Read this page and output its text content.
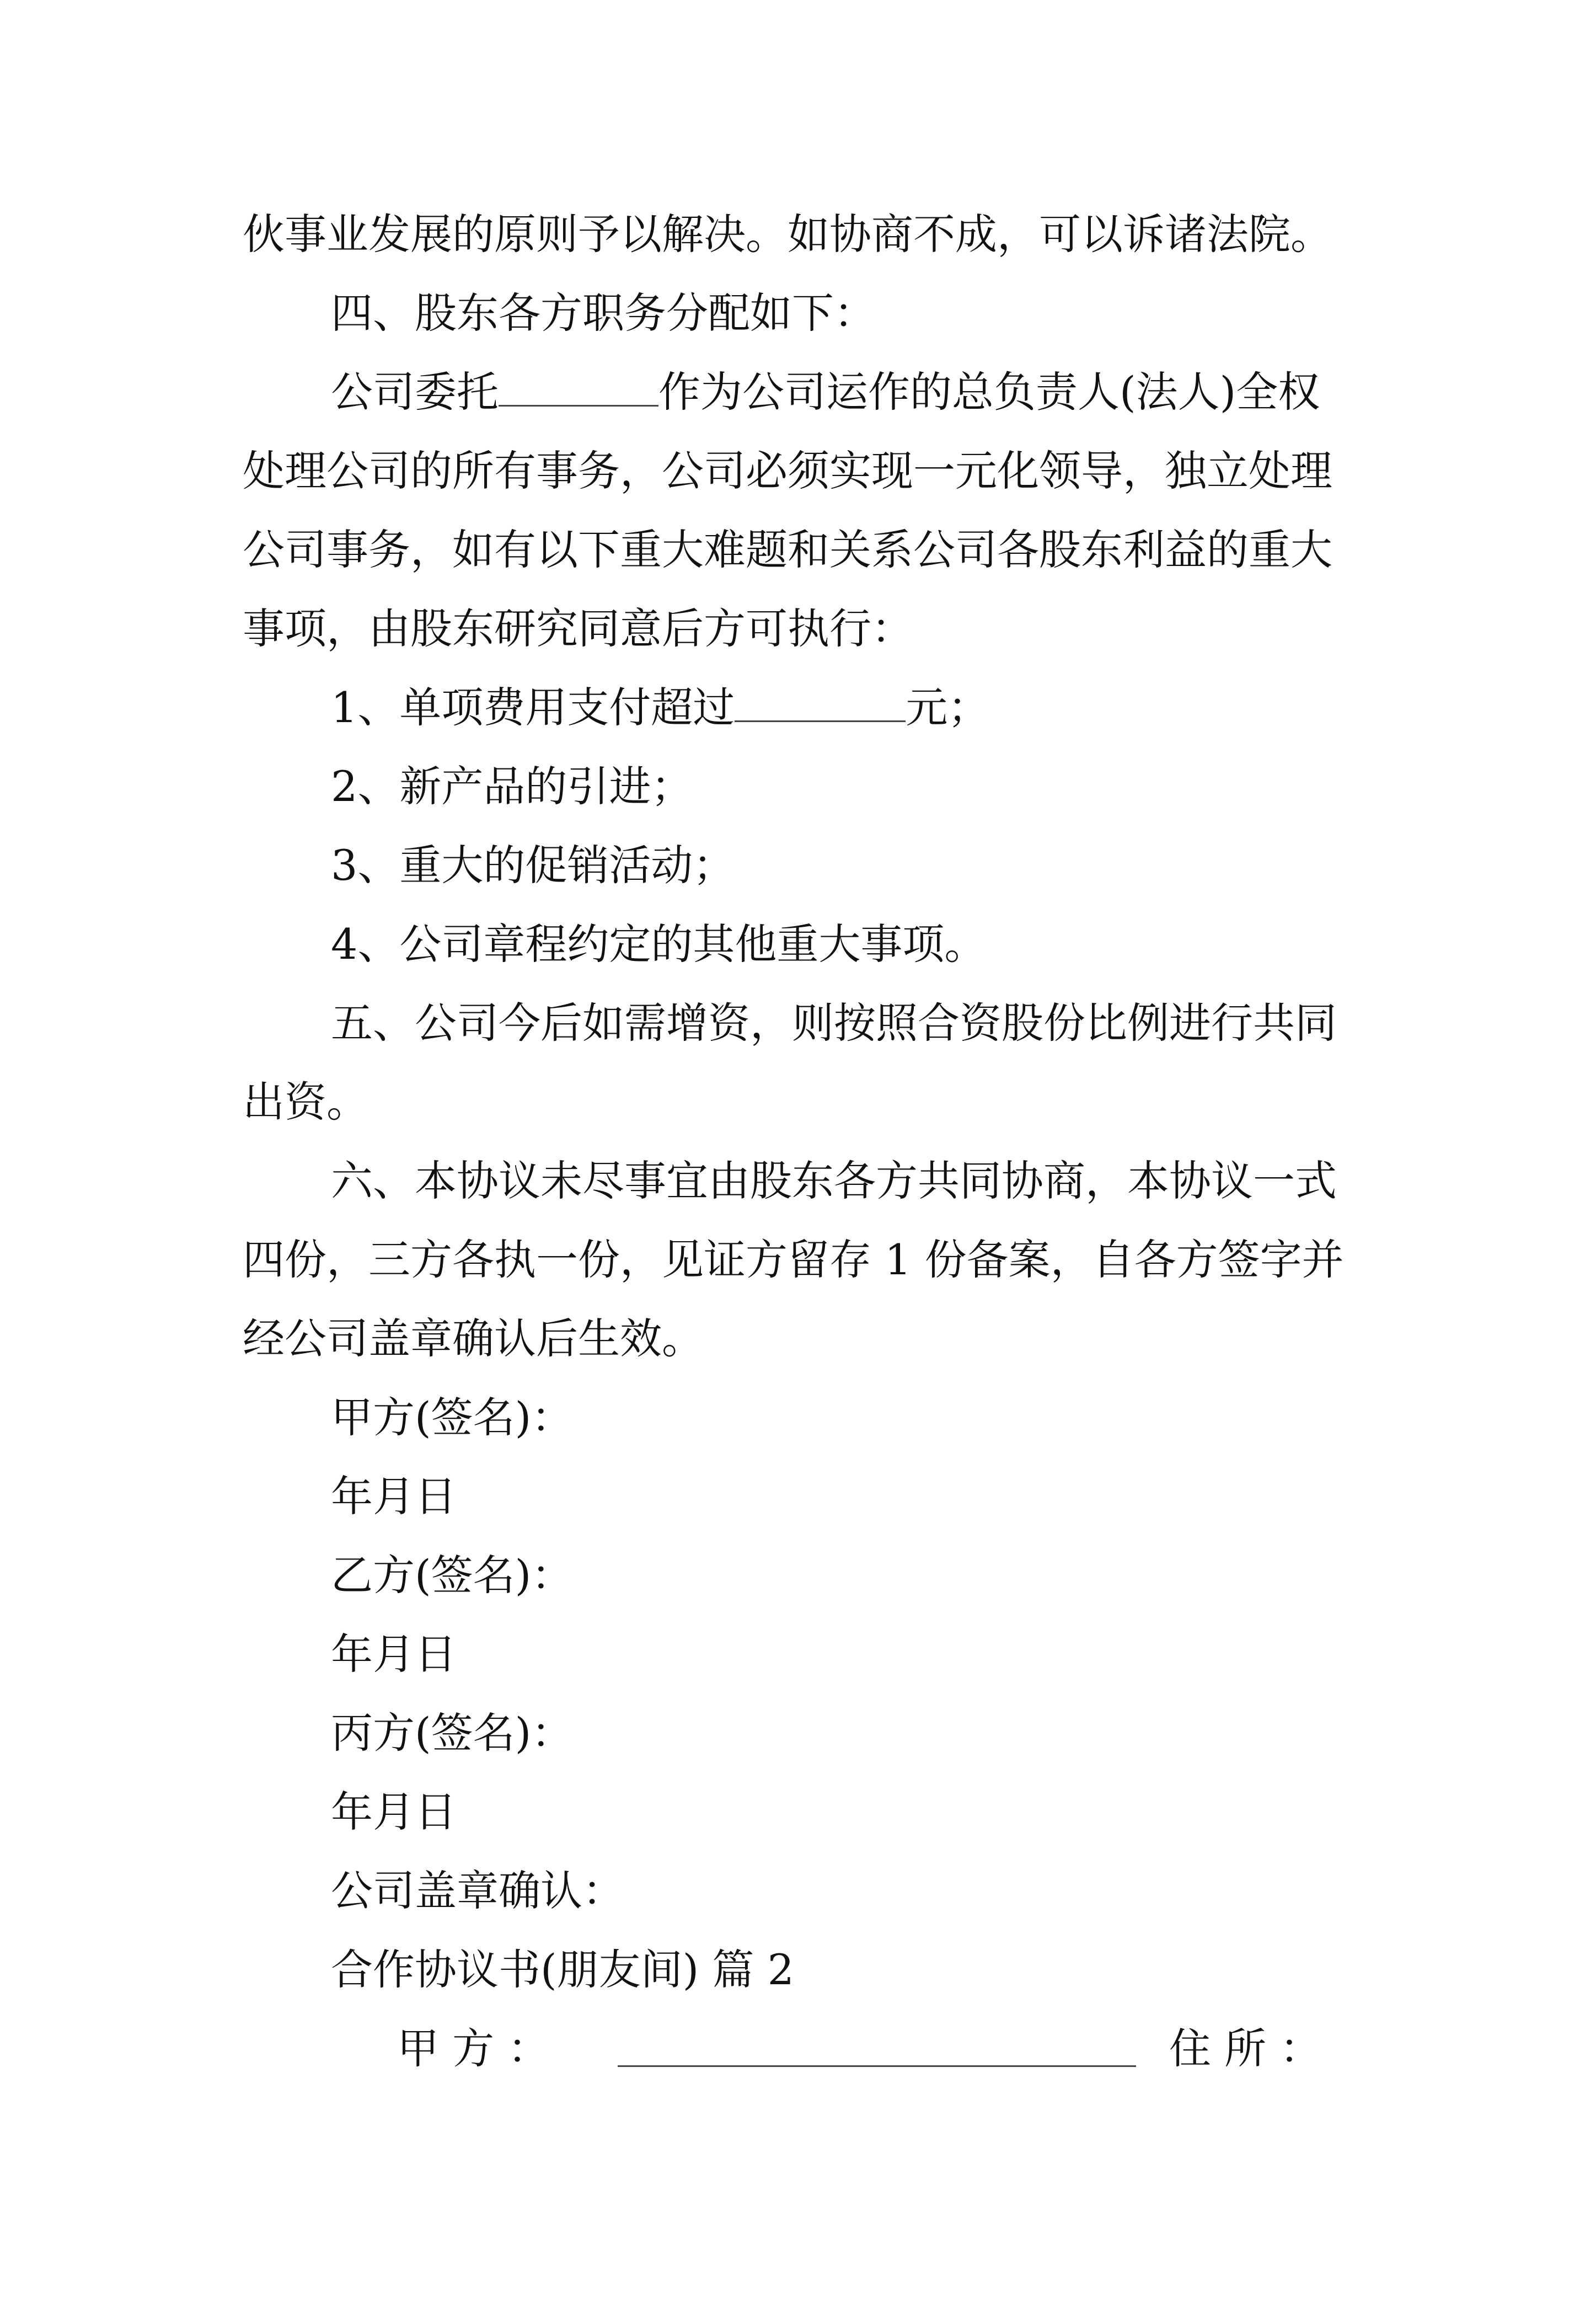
伙事业发展的原则予以解决。如协商不成，可以诉诸法院。
四、股东各方职务分配如下：
公司委托	作为公司运作的总负责人(法人)全权
处理公司的所有事务，公司必须实现一元化领导，独立处理
公司事务，如有以下重大难题和关系公司各股东利益的重大
事项，由股东研究同意后方可执行：
1、单项费用支付超过	元；
2、新产品的引进；
3、重大的促销活动；
4、公司章程约定的其他重大事项。
五、公司今后如需增资，则按照合资股份比例进行共同
出资。
六、本协议未尽事宜由股东各方共同协商，本协议一式
四份，三方各执一份，见证方留存 1 份备案，自各方签字并
经公司盖章确认后生效。
甲方(签名)：
年月日
乙方(签名)：
年月日
丙方(签名)：
年月日
公司盖章确认：
合作协议书(朋友间) 篇 2

甲 方 ：

	住 所 ：
